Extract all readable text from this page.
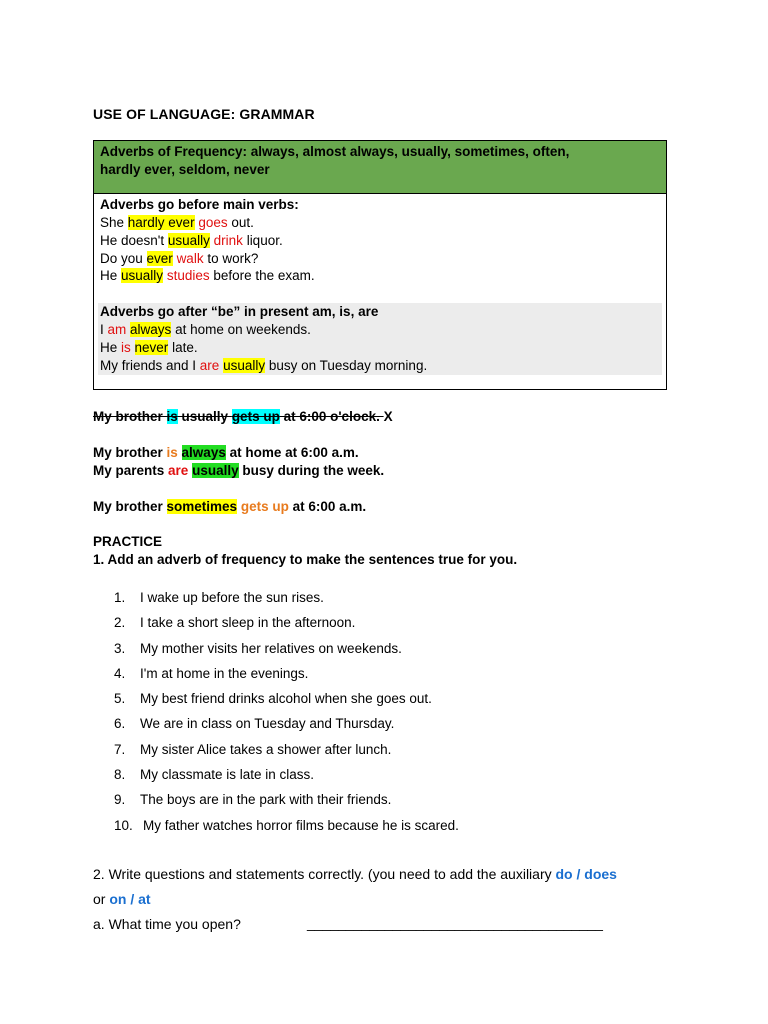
USE OF LANGUAGE: GRAMMAR
Adverbs of Frequency: always, almost always, usually, sometimes, often,
hardly ever, seldom, never
Adverbs go before main verbs:
She hardly ever goes out.
He doesn't usually drink liquor.
Do you ever walk to work?
He usually studies before the exam.
Adverbs go after “be” in present am, is, are
I am always at home on weekends.
He is never late.
My friends and I are usually busy on Tuesday morning.
My brother is usually gets up at 6:00 o'clock. X
My brother is always at home at 6:00 a.m.
My parents are usually busy during the week.
My brother sometimes gets up at 6:00 a.m.
PRACTICE
1. Add an adverb of frequency to make the sentences true for you.
1. I wake up before the sun rises.
2. I take a short sleep in the afternoon.
3. My mother visits her relatives on weekends.
4. I'm at home in the evenings.
5. My best friend drinks alcohol when she goes out.
6. We are in class on Tuesday and Thursday.
7. My sister Alice takes a shower after lunch.
8. My classmate is late in class.
9. The boys are in the park with their friends.
10. My father watches horror films because he is scared.
2. Write questions and statements correctly. (you need to add the auxiliary do / does
or on / at
a. What time you open?	______________________________________
